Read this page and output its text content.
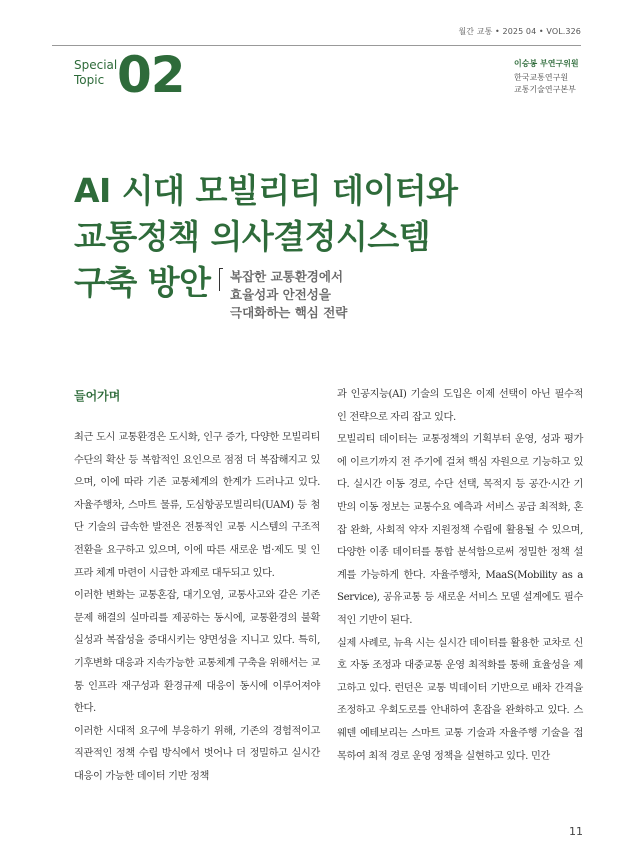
월간 교통 • 2025 04 • VOL.326
Special
Topic 02	이승봉 부연구위원
한국교통연구원
교통기술연구본부
AI 시대 모빌리티 데이터와
교통정책 의사결정시스템
구축 방안	복잡한 교통환경에서
효율성과 안전성을
극대화하는 핵심 전략
들어가며

최근 도시 교통환경은 도시화, 인구 증가, 다양한 모빌리티 수단의 확산 등 복합적인 요인으로 점점 더 복잡해지고 있으며, 이에 따라 기존 교통체계의 한계가 드러나고 있다. 자율주행차, 스마트 물류, 도심항공모빌리티(UAM) 등 첨단 기술의 급속한 발전은 전통적인 교통 시스템의 구조적 전환을 요구하고 있으며, 이에 따른 새로운 법·제도 및 인프라 체계 마련이 시급한 과제로 대두되고 있다.

이러한 변화는 교통혼잡, 대기오염, 교통사고와 같은 기존 문제 해결의 실마리를 제공하는 동시에, 교통환경의 불확실성과 복잡성을 증대시키는 양면성을 지니고 있다. 특히, 기후변화 대응과 지속가능한 교통체계 구축을 위해서는 교통 인프라 재구성과 환경규제 대응이 동시에 이루어져야 한다.

이러한 시대적 요구에 부응하기 위해, 기존의 경험적이고 직관적인 정책 수립 방식에서 벗어나 더 정밀하고 실시간 대응이 가능한 데이터 기반 정책

과 인공지능(AI) 기술의 도입은 이제 선택이 아닌 필수적인 전략으로 자리 잡고 있다.

모빌리티 데이터는 교통정책의 기획부터 운영, 성과 평가에 이르기까지 전 주기에 걸쳐 핵심 자원으로 기능하고 있다. 실시간 이동 경로, 수단 선택, 목적지 등 공간·시간 기반의 이동 정보는 교통수요 예측과 서비스 공급 최적화, 혼잡 완화, 사회적 약자 지원정책 수립에 활용될 수 있으며, 다양한 이종 데이터를 통합 분석함으로써 정밀한 정책 설계를 가능하게 한다. 자율주행차, MaaS(Mobility as a Service), 공유교통 등 새로운 서비스 모델 설계에도 필수적인 기반이 된다.

실제 사례로, 뉴욕 시는 실시간 데이터를 활용한 교차로 신호 자동 조정과 대중교통 운영 최적화를 통해 효율성을 제고하고 있다. 런던은 교통 빅데이터 기반으로 배차 간격을 조정하고 우회도로를 안내하여 혼잡을 완화하고 있다. 스웨덴 예테보리는 스마트 교통 기술과 자율주행 기술을 접목하여 최적 경로 운영 정책을 실현하고 있다. 민간

11
